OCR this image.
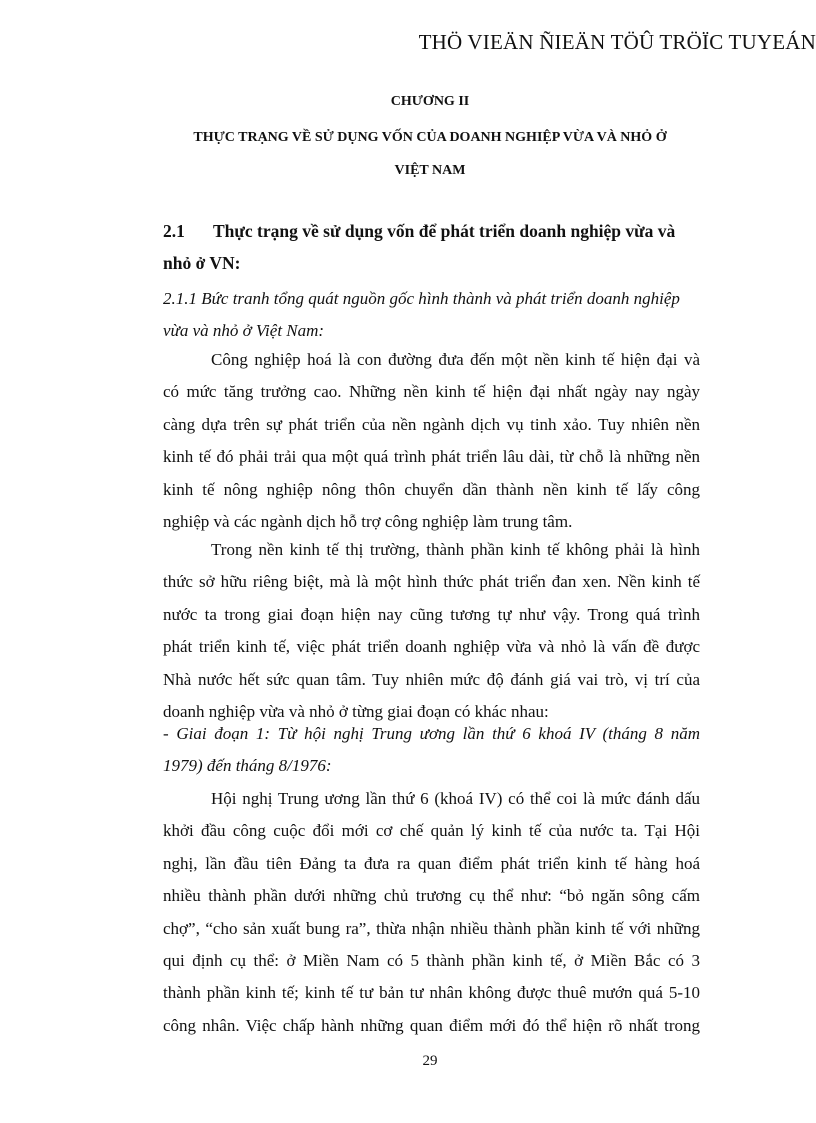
THÖ VIEÄN ÑIEÄN TÖÛ TRÖÏC TUYEÁN
CHƯƠNG II
THỰC TRẠNG VỀ SỬ DỤNG VỐN CỦA DOANH NGHIỆP VỪA VÀ NHỎ Ở
VIỆT NAM
2.1 Thực trạng về sử dụng vốn để phát triển doanh nghiệp vừa và
nhỏ ở VN:
2.1.1 Bức tranh tổng quát nguồn gốc hình thành và phát triển doanh nghiệp
vừa và nhỏ ở Việt Nam:
Công nghiệp hoá là con đường đưa đến một nền kinh tế hiện đại và
có mức tăng trưởng cao. Những nền kinh tế hiện đại nhất ngày nay ngày
càng dựa trên sự phát triển của nền ngành dịch vụ tinh xảo. Tuy nhiên nền
kinh tế đó phải trải qua một quá trình phát triển lâu dài, từ chỗ là những nền
kinh tế nông nghiệp nông thôn chuyển dần thành nền kinh tế lấy công
nghiệp và các ngành dịch hỗ trợ công nghiệp làm trung tâm.
Trong nền kinh tế thị trường, thành phần kinh tế không phải là hình
thức sở hữu riêng biệt, mà là một hình thức phát triển đan xen. Nền kinh tế
nước ta trong giai đoạn hiện nay cũng tương tự như vậy. Trong quá trình
phát triển kinh tế, việc phát triển doanh nghiệp vừa và nhỏ là vấn đề được
Nhà nước hết sức quan tâm. Tuy nhiên mức độ đánh giá vai trò, vị trí của
doanh nghiệp vừa và nhỏ ở từng giai đoạn có khác nhau:
- Giai đoạn 1: Từ hội nghị Trung ương lần thứ 6 khoá IV (tháng 8 năm
1979) đến tháng 8/1976:
Hội nghị Trung ương lần thứ 6 (khoá IV) có thể coi là mức đánh dấu
khởi đầu công cuộc đổi mới cơ chế quản lý kinh tế của nước ta. Tại Hội
nghị, lần đầu tiên Đảng ta đưa ra quan điểm phát triển kinh tế hàng hoá
nhiều thành phần dưới những chủ trương cụ thể như: “bỏ ngăn sông cấm
chợ”, “cho sản xuất bung ra”, thừa nhận nhiều thành phần kinh tế với những
qui định cụ thể: ở Miền Nam có 5 thành phần kinh tế, ở Miền Bắc có 3
thành phần kinh tế; kinh tế tư bản tư nhân không được thuê mướn quá 5-10
công nhân. Việc chấp hành những quan điểm mới đó thể hiện rõ nhất trong
29
